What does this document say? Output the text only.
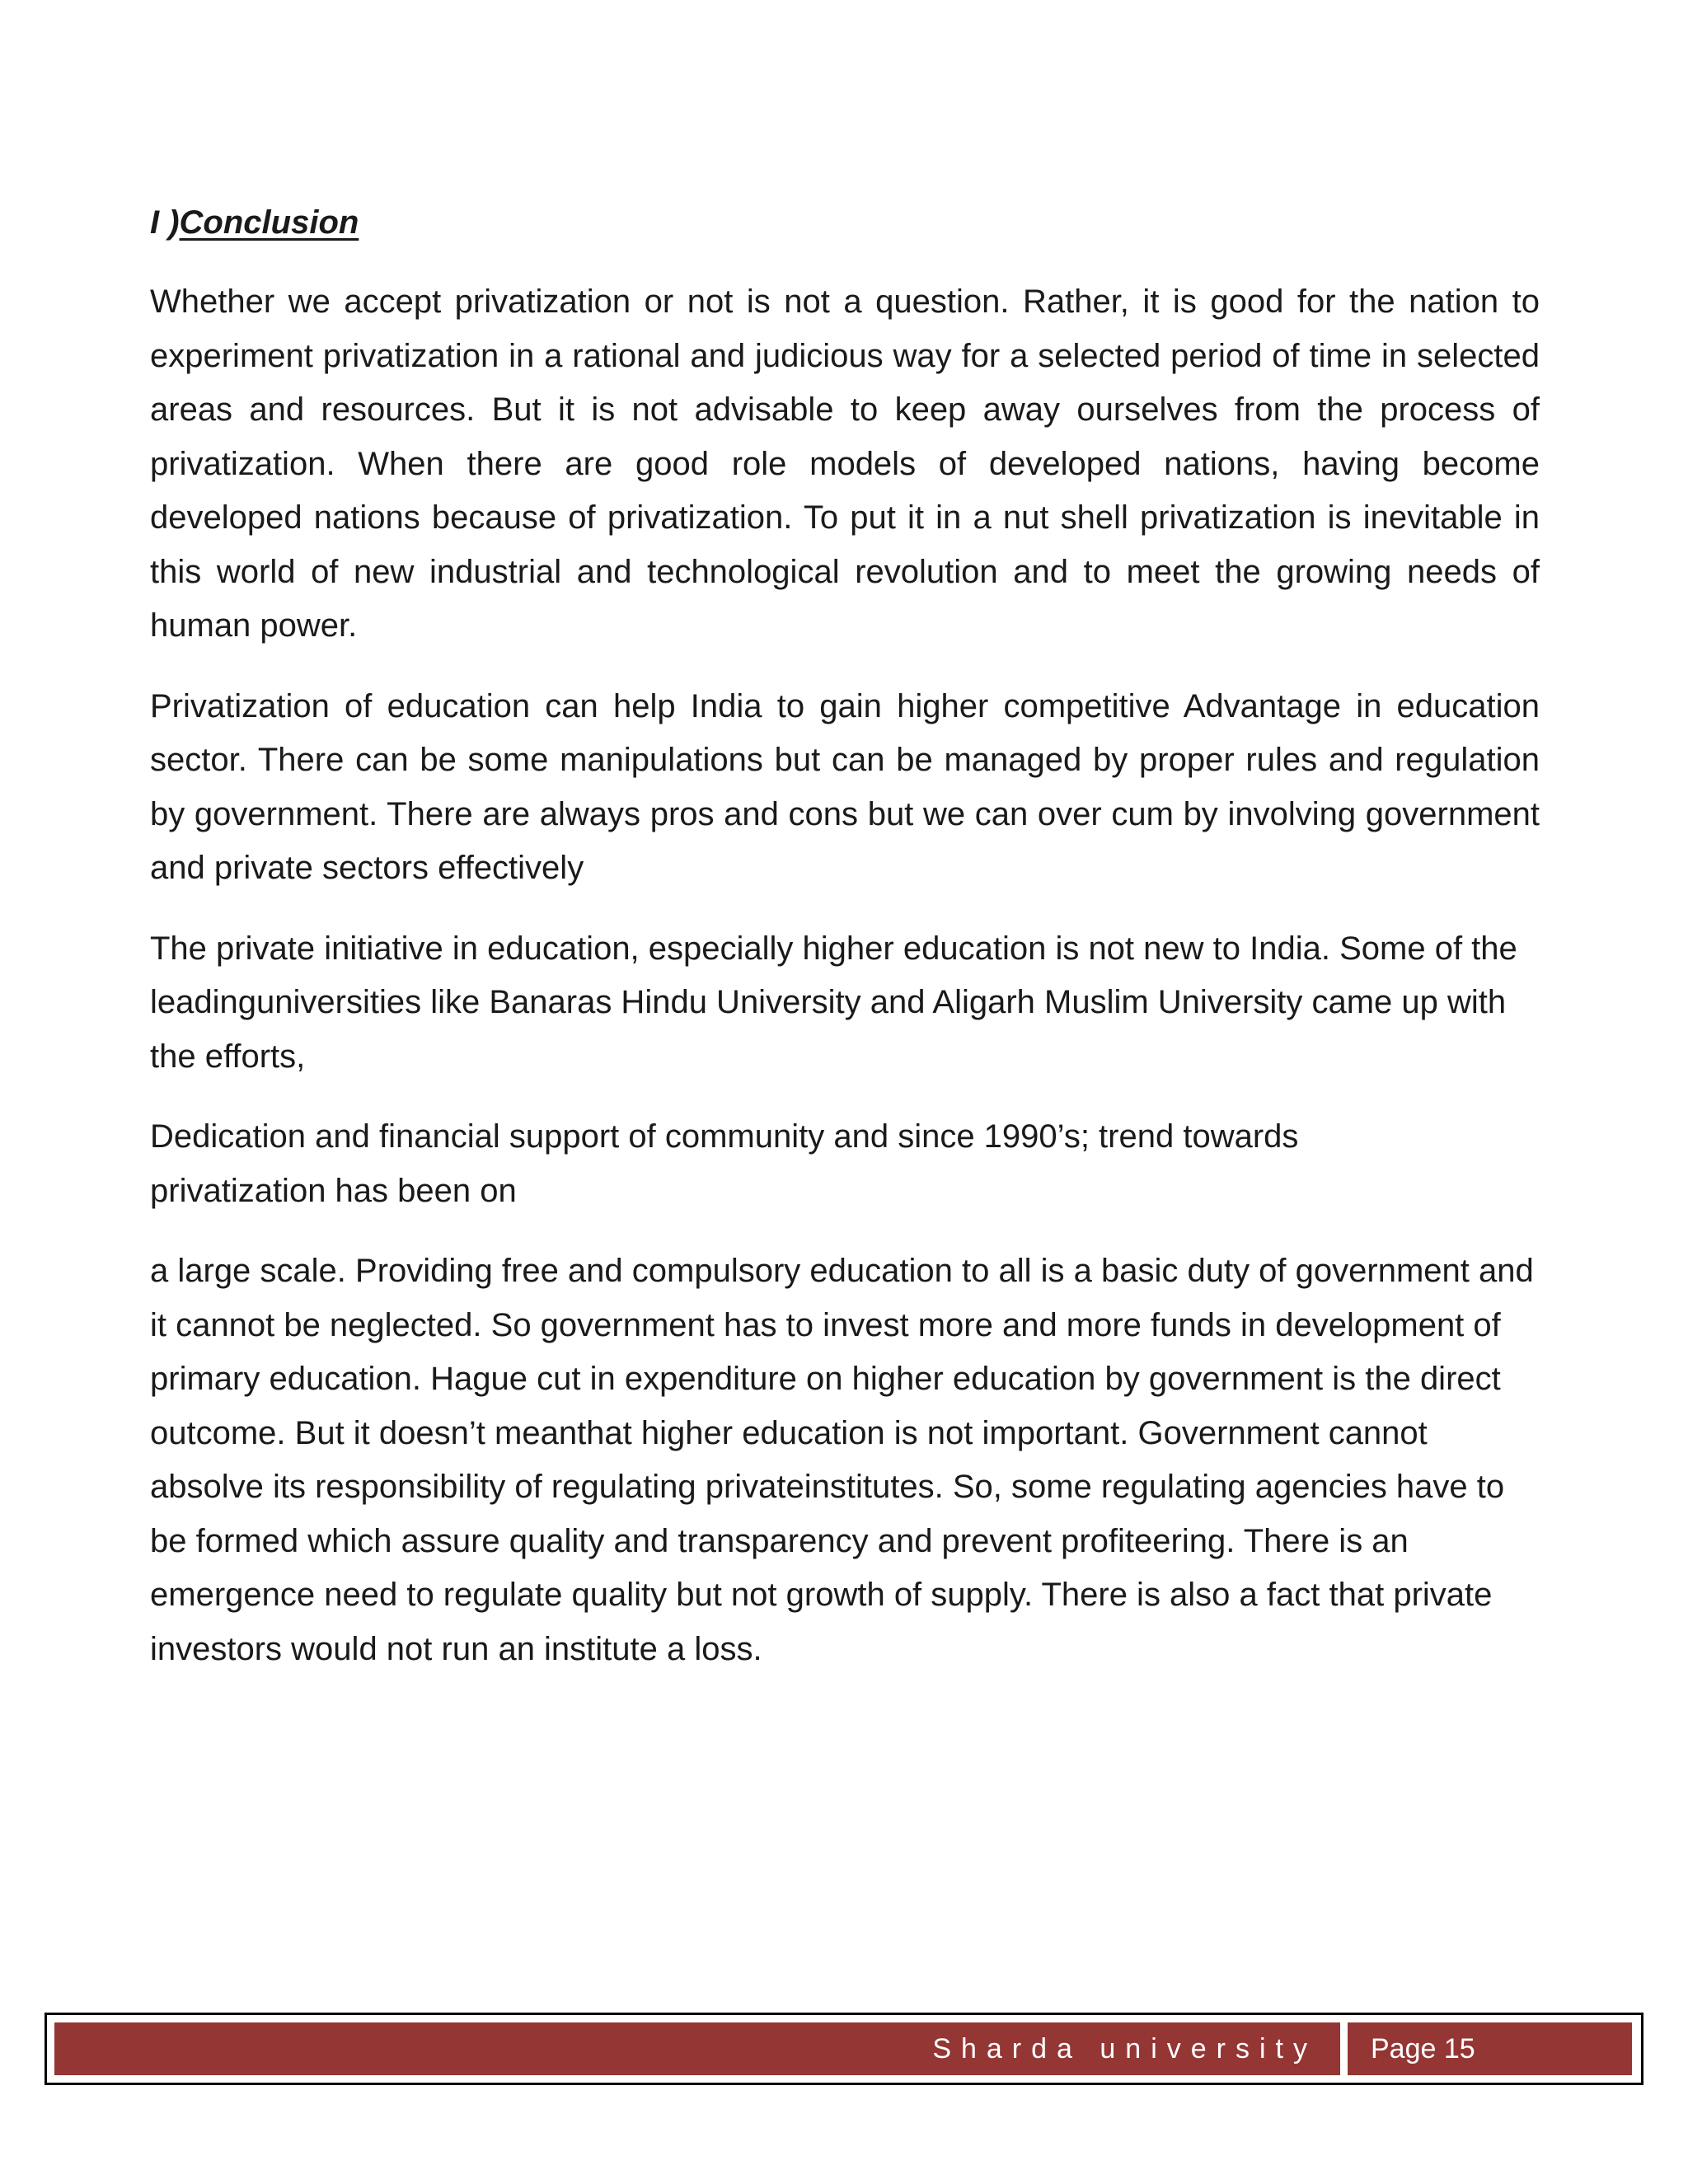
I )Conclusion

Whether we accept privatization or not is not a question. Rather, it is good for the nation to experiment privatization in a rational and judicious way for a selected period of time in selected areas and resources. But it is not advisable to keep away ourselves from the process of privatization. When there are good role models of developed nations, having become developed nations because of privatization. To put it in a nut shell privatization is inevitable in this world of new industrial and technological revolution and to meet the growing needs of human power.

Privatization of education can help India to gain higher competitive Advantage in education sector. There can be some manipulations but can be managed by proper rules and regulation by government. There are always pros and cons but we can over cum by involving government and private sectors effectively

The private initiative in education, especially higher education is not new to India. Some of the leadinguniversities like Banaras Hindu University and Aligarh Muslim University came up with the efforts,

Dedication and financial support of community and since 1990’s; trend towards privatization has been on

a large scale. Providing free and compulsory education to all is a basic duty of government and it cannot be neglected. So government has to invest more and more funds in development of primary education. Hague cut in expenditure on higher education by government is the direct outcome. But it doesn’t meanthat higher education is not important. Government cannot absolve its responsibility of regulating privateinstitutes. So, some regulating agencies have to be formed which assure quality and transparency and prevent profiteering. There is an emergence need to regulate quality but not growth of supply. There is also a fact that private investors would not run an institute a loss.

Sharda university Page 15
